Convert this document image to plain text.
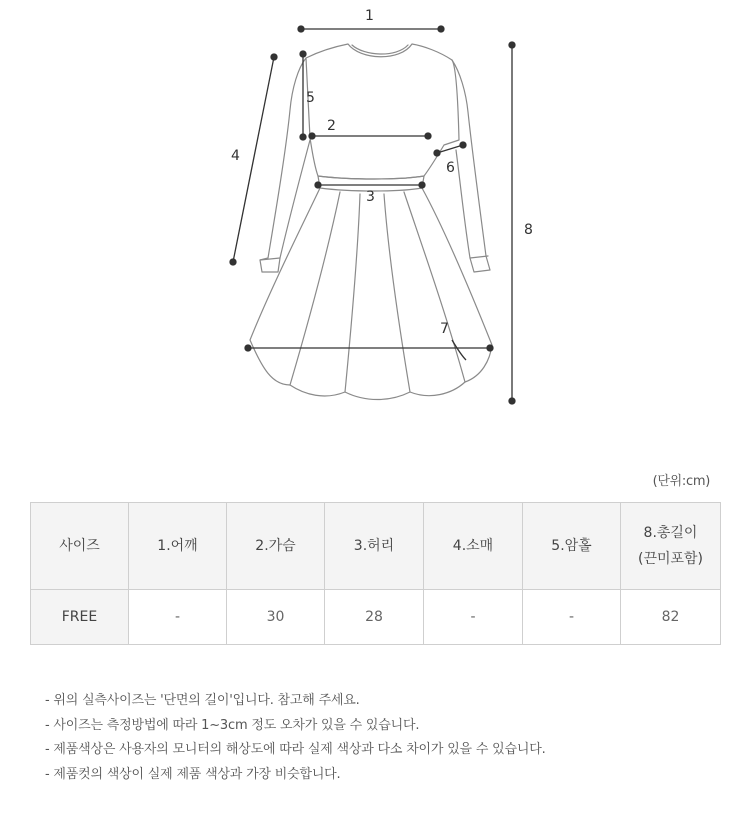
1
2
3
4
5
6
7
8
(단위:cm)
사이즈	1.어깨	2.가슴	3.허리	4.소매	5.암홀	8.총길이
(끈미포함)

FREE	-	30	28	-	-	82
- 위의 실측사이즈는 '단면의 길이'입니다. 참고해 주세요.
- 사이즈는 측정방법에 따라 1~3cm 정도 오차가 있을 수 있습니다.
- 제품색상은 사용자의 모니터의 해상도에 따라 실제 색상과 다소 차이가 있을 수 있습니다.
- 제품컷의 색상이 실제 제품 색상과 가장 비슷합니다.
